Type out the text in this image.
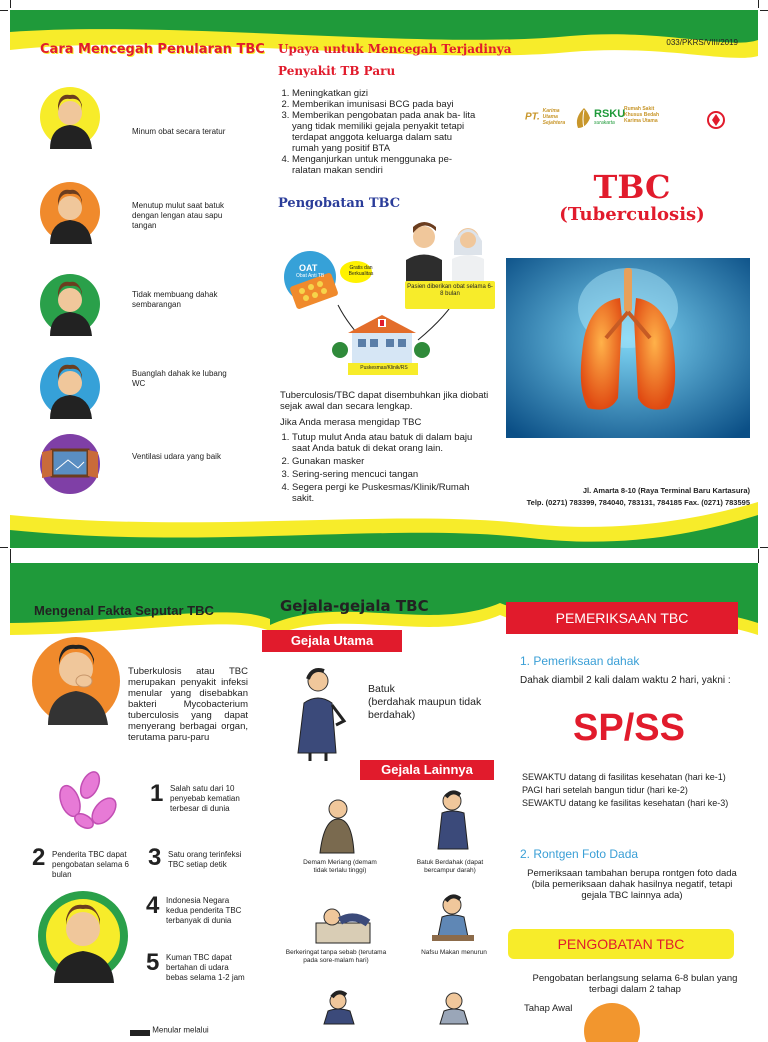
033/PKRS/VIII/2019
Cara Mencegah Penularan TBC
Minum obat secara teratur
Menutup mulut saat batuk dengan lengan atau sapu tangan
Tidak membuang dahak sembarangan
Buanglah dahak ke lubang WC
Ventilasi udara yang baik
Upaya untuk Mencegah Terjadinya
Penyakit TB Paru
1. Meningkatkan gizi
2. Memberikan imunisasi BCG pada bayi
3. Memberikan pengobatan pada anak ba- lita yang tidak memiliki gejala penyakit tetapi terdapat anggota keluarga dalam satu rumah yang positif BTA
4. Menganjurkan untuk menggunaka pe- ralatan makan sendiri
Pengobatan TBC
OAT
Obat Anti TB
Gratis dan Berkualitas
Pasien diberikan obat selama 6-8 bulan
Puskesmas/Klinik/RS
Tuberculosis/TBC dapat disembuhkan jika diobati sejak awal dan secara lengkap.
Jika Anda merasa mengidap TBC
1. Tutup mulut Anda atau batuk di dalam baju saat Anda batuk di dekat orang lain.
2. Gunakan masker
3. Sering-sering mencuci tangan
4. Segera pergi ke Puskesmas/Klinik/Rumah sakit.
PT. Karima Utama Sejahtera
RSKU
surakarta
Rumah Sakit Khusus Bedah Karima Utama
TBC
(Tuberculosis)
Jl. Amarta 8-10 (Raya Terminal Baru Kartasura)
Telp. (0271) 783399, 784040, 783131, 784185 Fax. (0271) 783595
Mengenal Fakta Seputar TBC
Tuberkulosis atau TBC merupakan penyakit infeksi menular yang disebabkan bakteri Mycobacterium tuberculosis yang dapat menyerang berbagai organ, terutama paru-paru
1 Salah satu dari 10 penyebab kematian terbesar di dunia
2 Penderita TBC dapat pengobatan selama 6 bulan
3 Satu orang terinfeksi TBC setiap detik
4 Indonesia Negara kedua penderita TBC terbanyak di dunia
5 Kuman TBC dapat bertahan di udara bebas selama 1-2 jam
▬ Menular melalui
Gejala-gejala TBC
Gejala Utama
Batuk
(berdahak maupun tidak berdahak)
Gejala Lainnya
Demam Meriang (demam tidak terlalu tinggi)
Batuk Berdahak (dapat bercampur darah)
Berkeringat tanpa sebab (terutama pada sore-malam hari)
Nafsu Makan menurun
PEMERIKSAAN TBC
1. Pemeriksaan dahak
Dahak diambil 2 kali dalam waktu 2 hari, yakni :
SP/SS
SEWAKTU datang di fasilitas kesehatan (hari ke-1)
PAGI hari setelah bangun tidur (hari ke-2)
SEWAKTU datang ke fasilitas kesehatan (hari ke-3)
2. Rontgen Foto Dada
Pemeriksaan tambahan berupa rontgen foto dada (bila pemeriksaan dahak hasilnya negatif, tetapi gejala TBC lainnya ada)
PENGOBATAN TBC
Pengobatan berlangsung selama 6-8 bulan yang terbagi dalam 2 tahap
Tahap Awal
